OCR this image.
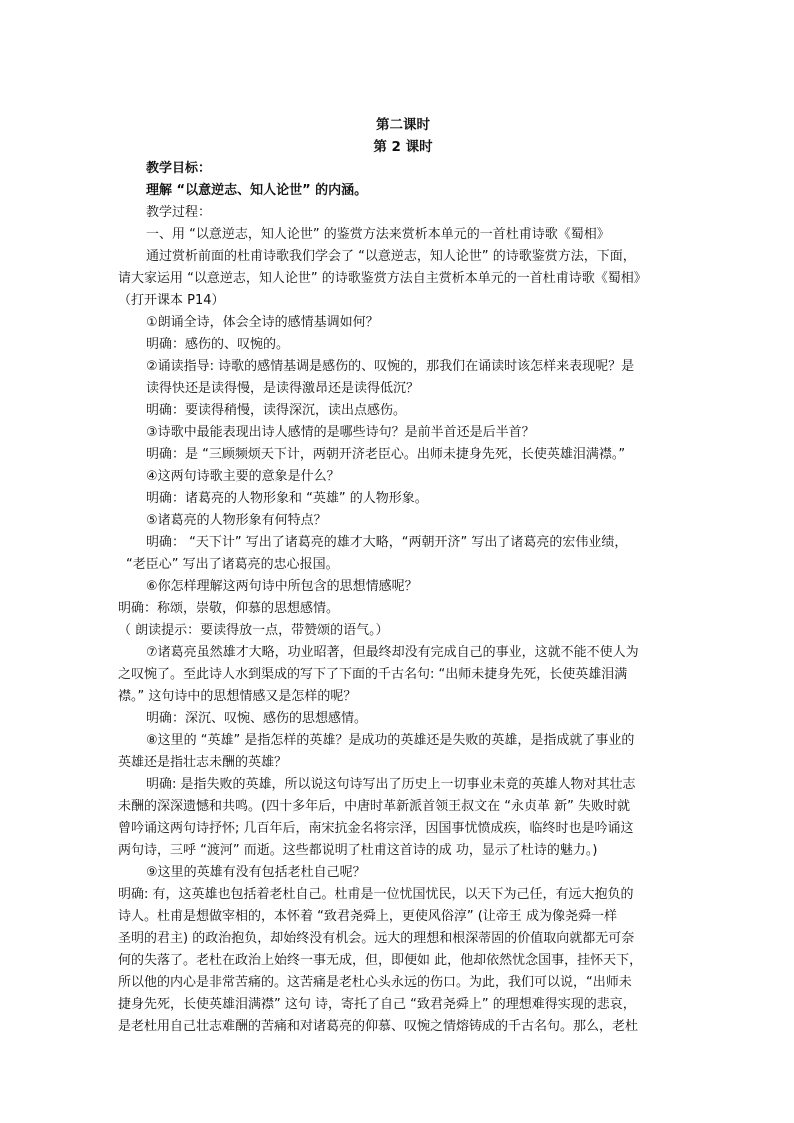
第二课时
第 2 课时
教学目标：
理解 “以意逆志、知人论世” 的内涵。
教学过程：
一、用 “以意逆志，知人论世” 的鉴赏方法来赏析本单元的一首杜甫诗歌《蜀相》
通过赏析前面的杜甫诗歌我们学会了 “以意逆志，知人论世” 的诗歌鉴赏方法，下面，
请大家运用 “以意逆志，知人论世” 的诗歌鉴赏方法自主赏析本单元的一首杜甫诗歌《蜀相》
（打开课本 P14）
①朗诵全诗，体会全诗的感情基调如何？
明确：感伤的、叹惋的。
②诵读指导: 诗歌的感情基调是感伤的、叹惋的，那我们在诵读时该怎样来表现呢？是
读得快还是读得慢，是读得激昂还是读得低沉？
明确：要读得稍慢，读得深沉，读出点感伤。
③诗歌中最能表现出诗人感情的是哪些诗句？是前半首还是后半首？
明确：是 “三顾频烦天下计，两朝开济老臣心。出师未捷身先死，长使英雄泪满襟。”
④这两句诗歌主要的意象是什么？
明确：诸葛亮的人物形象和 “英雄” 的人物形象。
⑤诸葛亮的人物形象有何特点？
明确： “天下计” 写出了诸葛亮的雄才大略，“两朝开济” 写出了诸葛亮的宏伟业绩，
“老臣心” 写出了诸葛亮的忠心报国。
⑥你怎样理解这两句诗中所包含的思想情感呢？
明确：称颂，崇敬，仰慕的思想感情。
（ 朗读提示：要读得放一点，带赞颂的语气。）
⑦诸葛亮虽然雄才大略，功业昭著，但最终却没有完成自己的事业，这就不能不使人为
之叹惋了。至此诗人水到渠成的写下了下面的千古名句: “出师未捷身先死，长使英雄泪满
襟。” 这句诗中的思想情感又是怎样的呢？
明确：深沉、叹惋、感伤的思想感情。
⑧这里的 “英雄” 是指怎样的英雄？是成功的英雄还是失败的英雄，是指成就了事业的
英雄还是指壮志未酬的英雄？
明确: 是指失败的英雄，所以说这句诗写出了历史上一切事业未竟的英雄人物对其壮志
未酬的深深遗憾和共鸣。(四十多年后，中唐时革新派首领王叔文在 “永贞革 新” 失败时就
曾吟诵这两句诗抒怀; 几百年后，南宋抗金名将宗泽，因国事忧愤成疾，临终时也是吟诵这
两句诗，三呼 “渡河” 而逝。这些都说明了杜甫这首诗的成 功，显示了杜诗的魅力。)
⑨这里的英雄有没有包括老杜自己呢？
明确: 有，这英雄也包括着老杜自己。杜甫是一位忧国忧民，以天下为己任，有远大抱负的
诗人。杜甫是想做宰相的，本怀着 “致君尧舜上，更使风俗淳” (让帝王 成为像尧舜一样
圣明的君主) 的政治抱负，却始终没有机会。远大的理想和根深蒂固的价值取向就都无可奈
何的失落了。老杜在政治上始终一事无成，但，即便如 此，他却依然忧念国事，挂怀天下，
所以他的内心是非常苦痛的。这苦痛是老杜心头永远的伤口。为此，我们可以说，“出师未
捷身先死，长使英雄泪满襟” 这句 诗，寄托了自己 “致君尧舜上” 的理想难得实现的悲哀，
是老杜用自己壮志难酬的苦痛和对诸葛亮的仰慕、叹惋之情熔铸成的千古名句。那么，老杜
